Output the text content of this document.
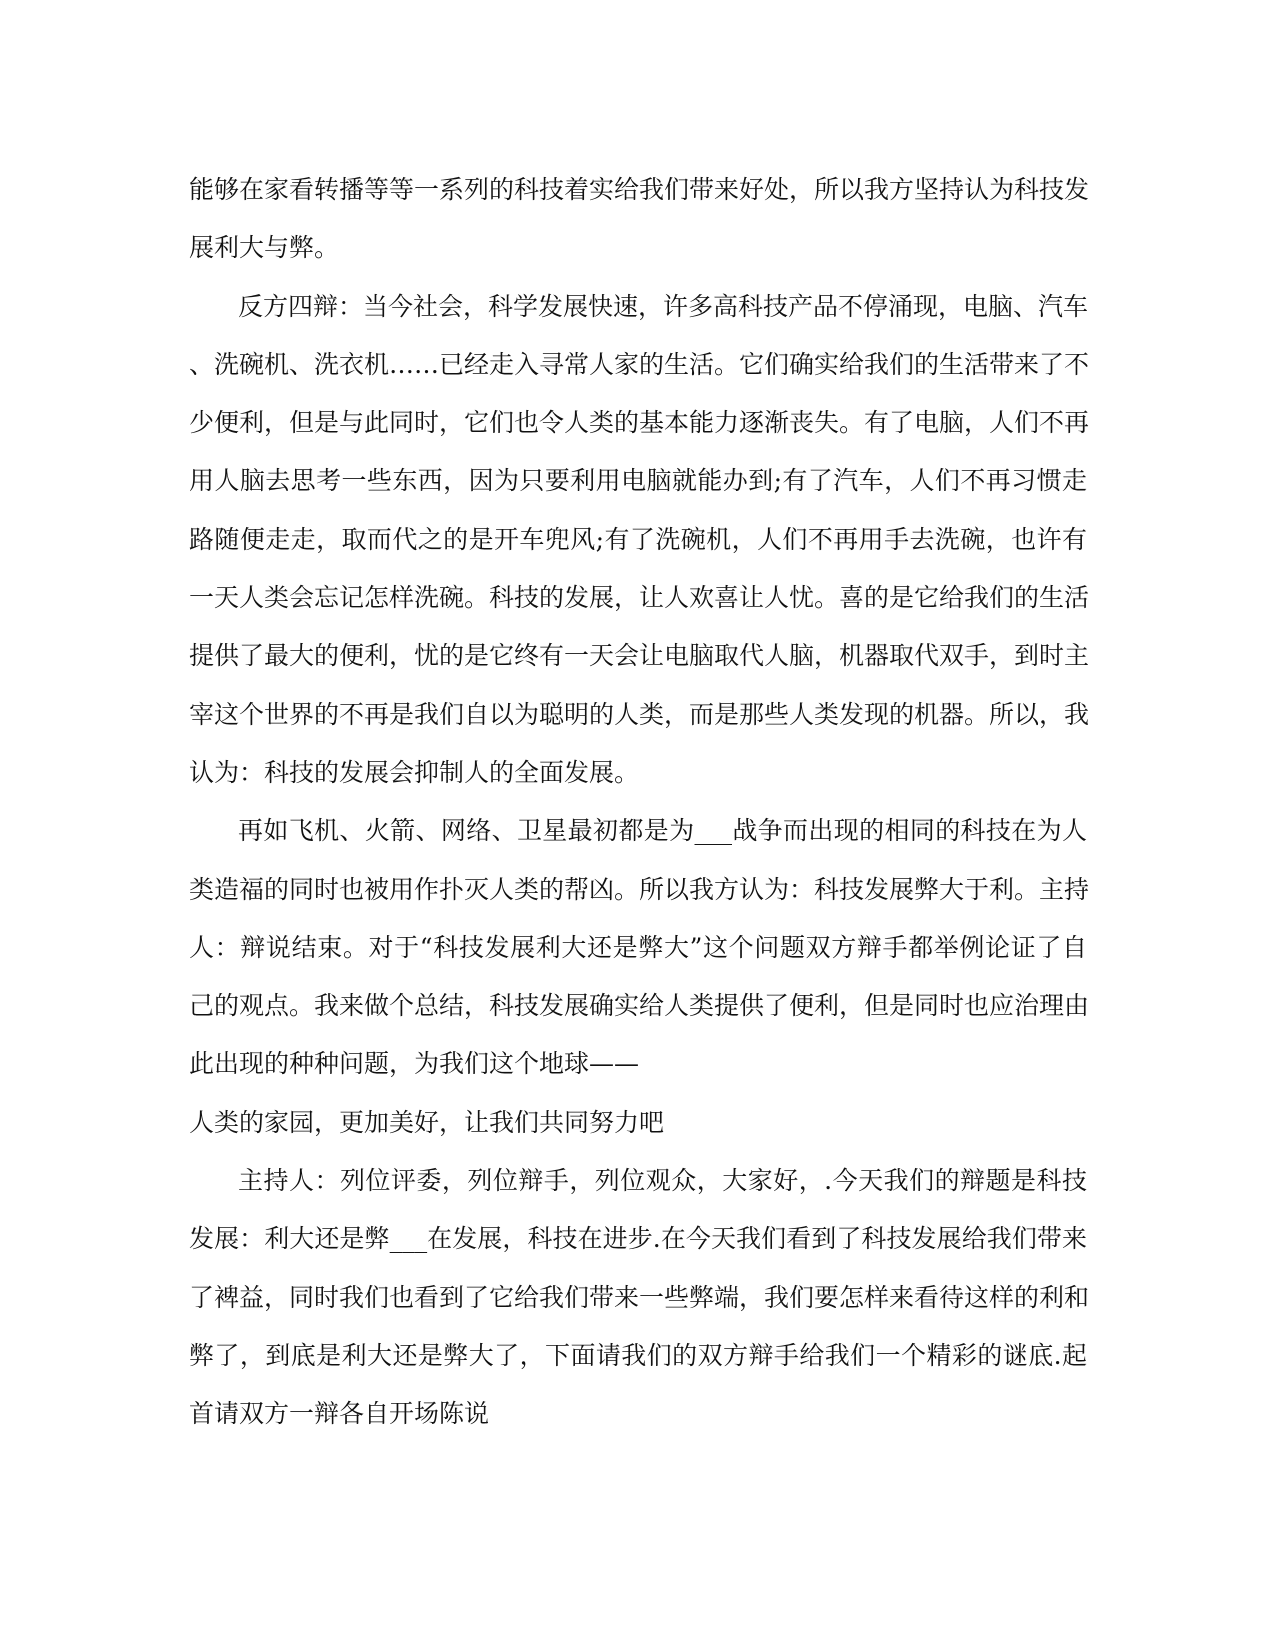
能够在家看转播等等一系列的科技着实给我们带来好处，所以我方坚持认为科技发
展利大与弊。
反方四辩：当今社会，科学发展快速，许多高科技产品不停涌现，电脑、汽车
、洗碗机、洗衣机……已经走入寻常人家的生活。它们确实给我们的生活带来了不
少便利，但是与此同时，它们也令人类的基本能力逐渐丧失。有了电脑，人们不再
用人脑去思考一些东西，因为只要利用电脑就能办到;有了汽车，人们不再习惯走
路随便走走，取而代之的是开车兜风;有了洗碗机，人们不再用手去洗碗，也许有
一天人类会忘记怎样洗碗。科技的发展，让人欢喜让人忧。喜的是它给我们的生活
提供了最大的便利，忧的是它终有一天会让电脑取代人脑，机器取代双手，到时主
宰这个世界的不再是我们自以为聪明的人类，而是那些人类发现的机器。所以，我
认为：科技的发展会抑制人的全面发展。
再如飞机、火箭、网络、卫星最初都是为___战争而出现的相同的科技在为人
类造福的同时也被用作扑灭人类的帮凶。所以我方认为：科技发展弊大于利。主持
人：辩说结束。对于“科技发展利大还是弊大”这个问题双方辩手都举例论证了自
己的观点。我来做个总结，科技发展确实给人类提供了便利，但是同时也应治理由
此出现的种种问题，为我们这个地球——
人类的家园，更加美好，让我们共同努力吧
主持人：列位评委，列位辩手，列位观众，大家好，.今天我们的辩题是科技
发展：利大还是弊___在发展，科技在进步.在今天我们看到了科技发展给我们带来
了裨益，同时我们也看到了它给我们带来一些弊端，我们要怎样来看待这样的利和
弊了，到底是利大还是弊大了，下面请我们的双方辩手给我们一个精彩的谜底.起
首请双方一辩各自开场陈说
